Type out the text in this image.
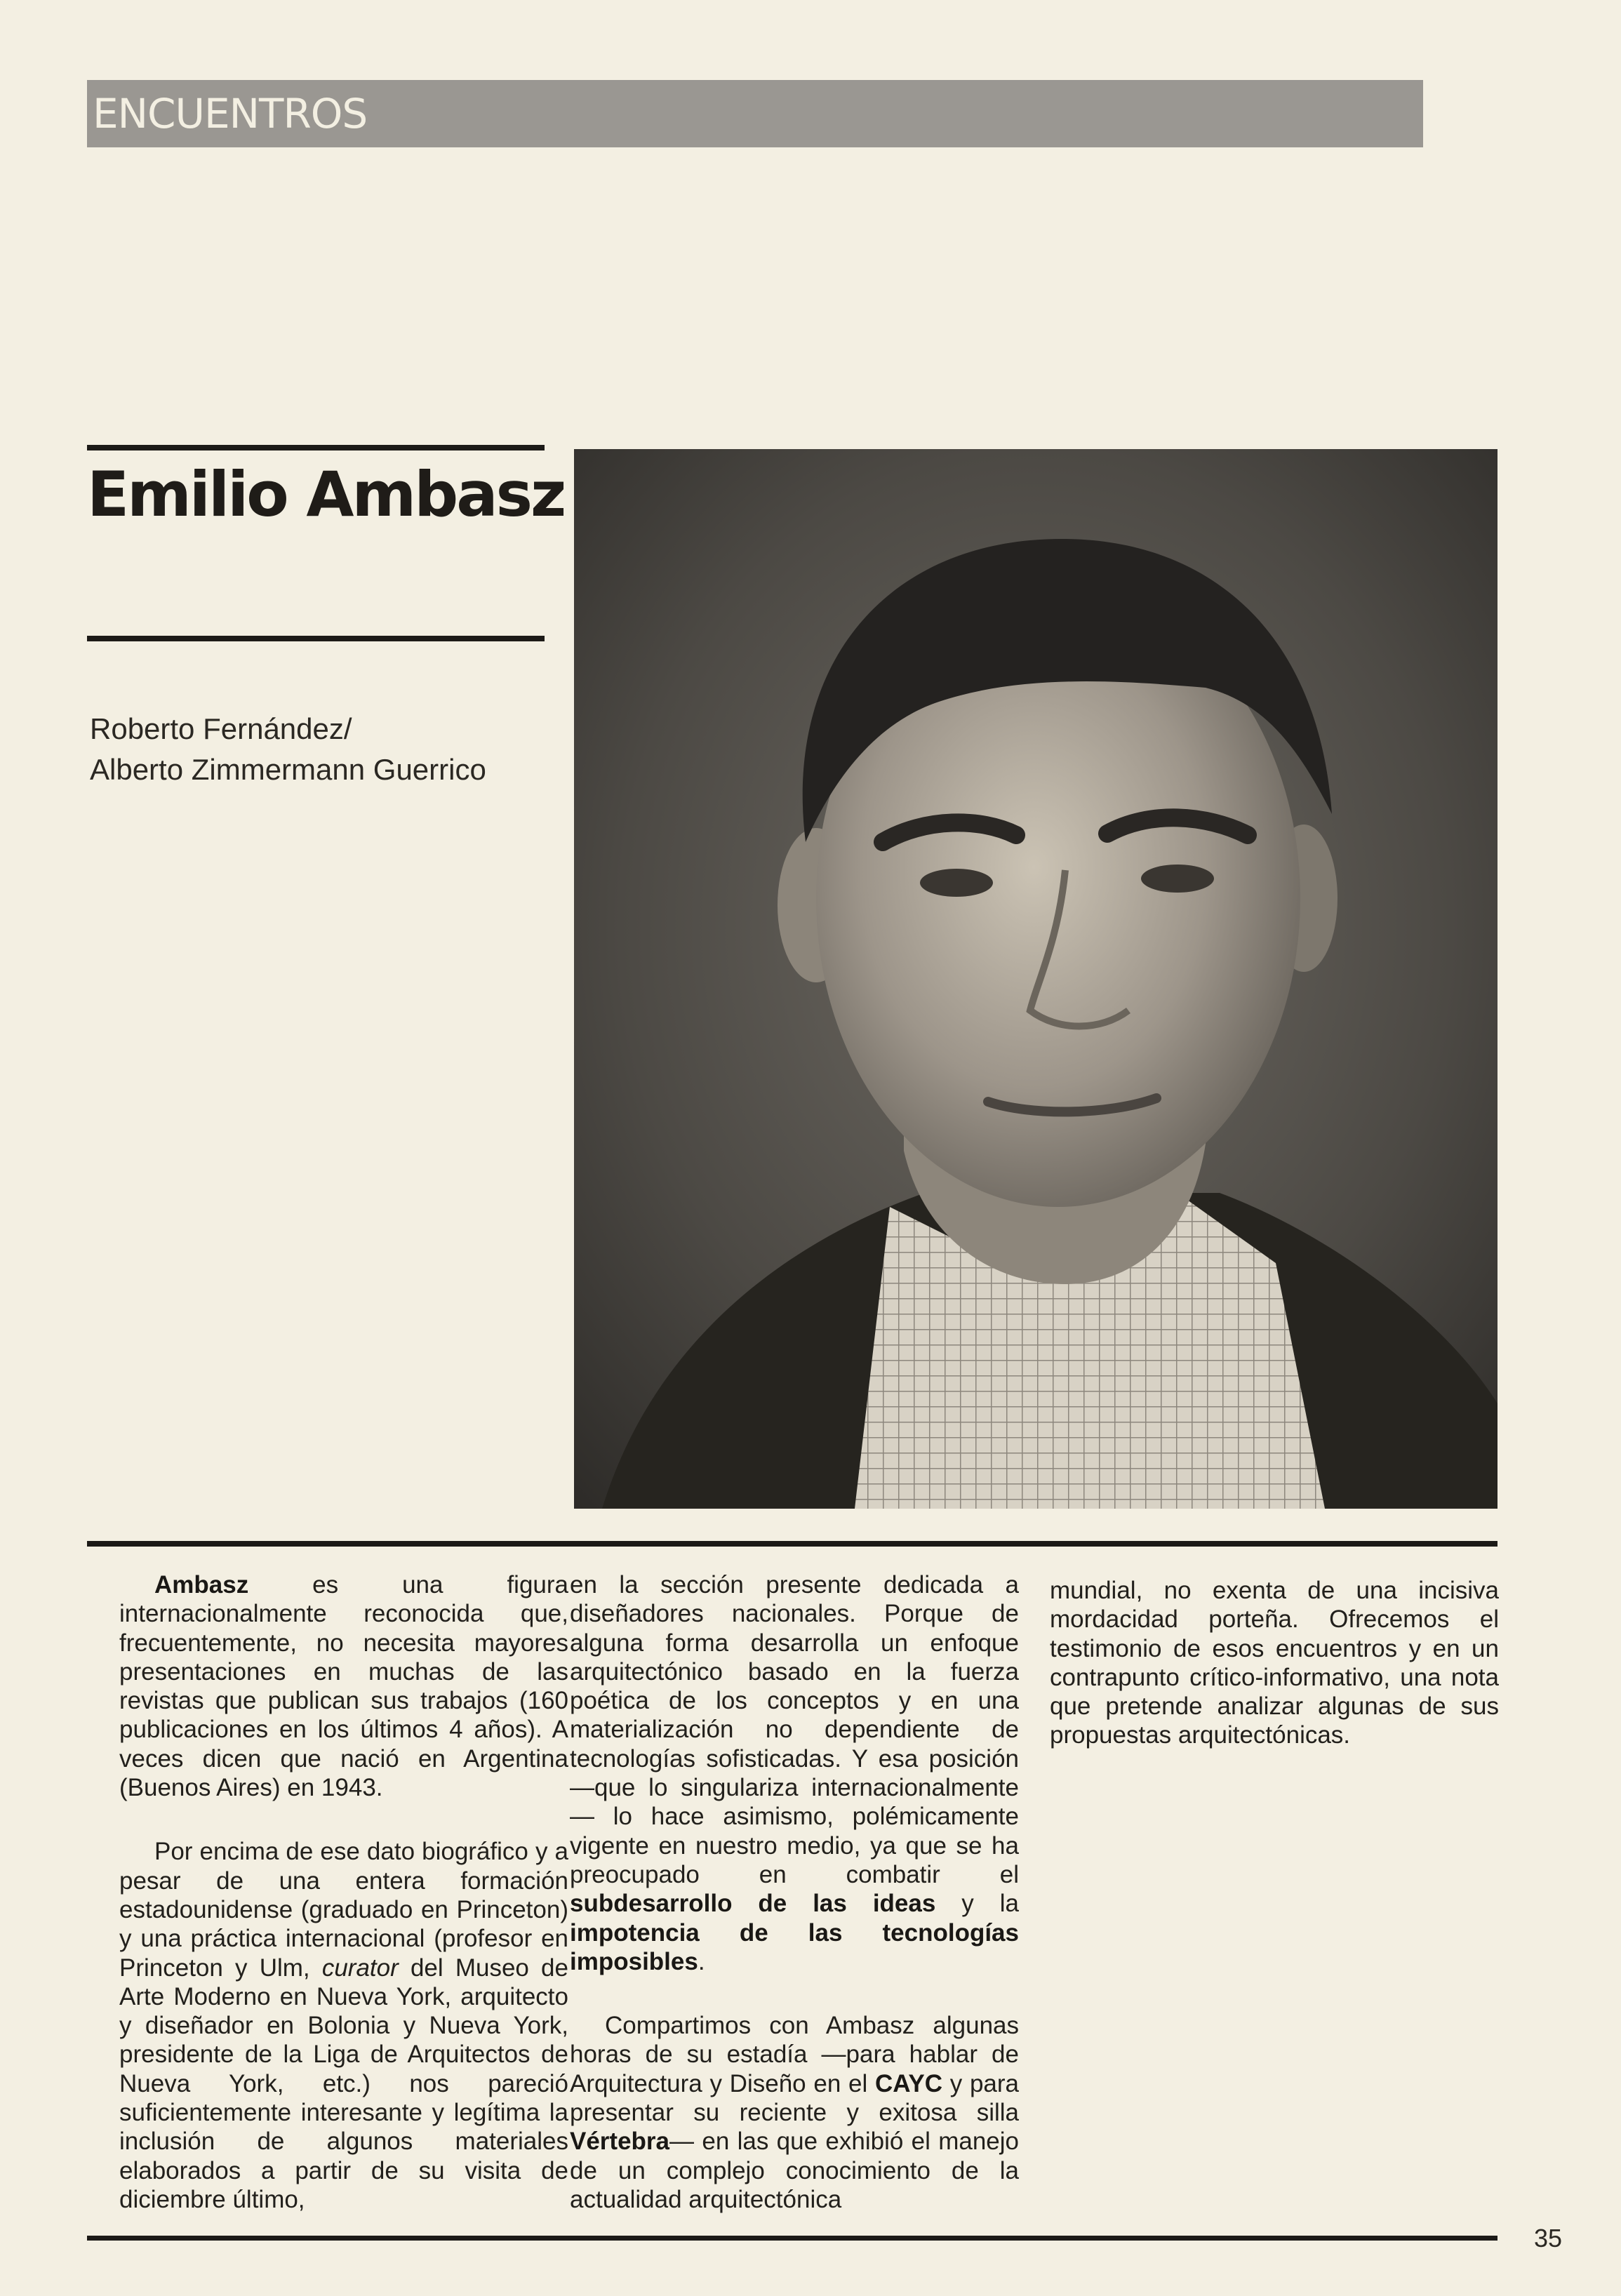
ENCUENTROS
Emilio Ambasz
Roberto Fernández/
Alberto Zimmermann Guerrico

Ambasz es una figura internacionalmente reconocida que, frecuentemente, no necesita mayores presentaciones en muchas de las revistas que publican sus trabajos (160 publicaciones en los últimos 4 años). A veces dicen que nació en Argentina (Buenos Aires) en 1943.

Por encima de ese dato biográfico y a pesar de una entera formación estadounidense (graduado en Princeton) y una práctica internacional (profesor en Princeton y Ulm, curator del Museo de Arte Moderno en Nueva York, arquitecto y diseñador en Bolonia y Nueva York, presidente de la Liga de Arquitectos de Nueva York, etc.) nos pareció suficientemente interesante y legítima la inclusión de algunos materiales elaborados a partir de su visita de diciembre último,

en la sección presente dedicada a diseñadores nacionales. Porque de alguna forma desarrolla un enfoque arquitectónico basado en la fuerza poética de los conceptos y en una materialización no dependiente de tecnologías sofisticadas. Y esa posición —que lo singulariza internacionalmente— lo hace asimismo, polémicamente vigente en nuestro medio, ya que se ha preocupado en combatir el subdesarrollo de las ideas y la impotencia de las tecnologías imposibles.

Compartimos con Ambasz algunas horas de su estadía —para hablar de Arquitectura y Diseño en el CAYC y para presentar su reciente y exitosa silla Vértebra— en las que exhibió el manejo de un complejo conocimiento de la actualidad arquitectónica

mundial, no exenta de una incisiva mordacidad porteña. Ofrecemos el testimonio de esos encuentros y en un contrapunto crítico-informativo, una nota que pretende analizar algunas de sus propuestas arquitectónicas.

35
